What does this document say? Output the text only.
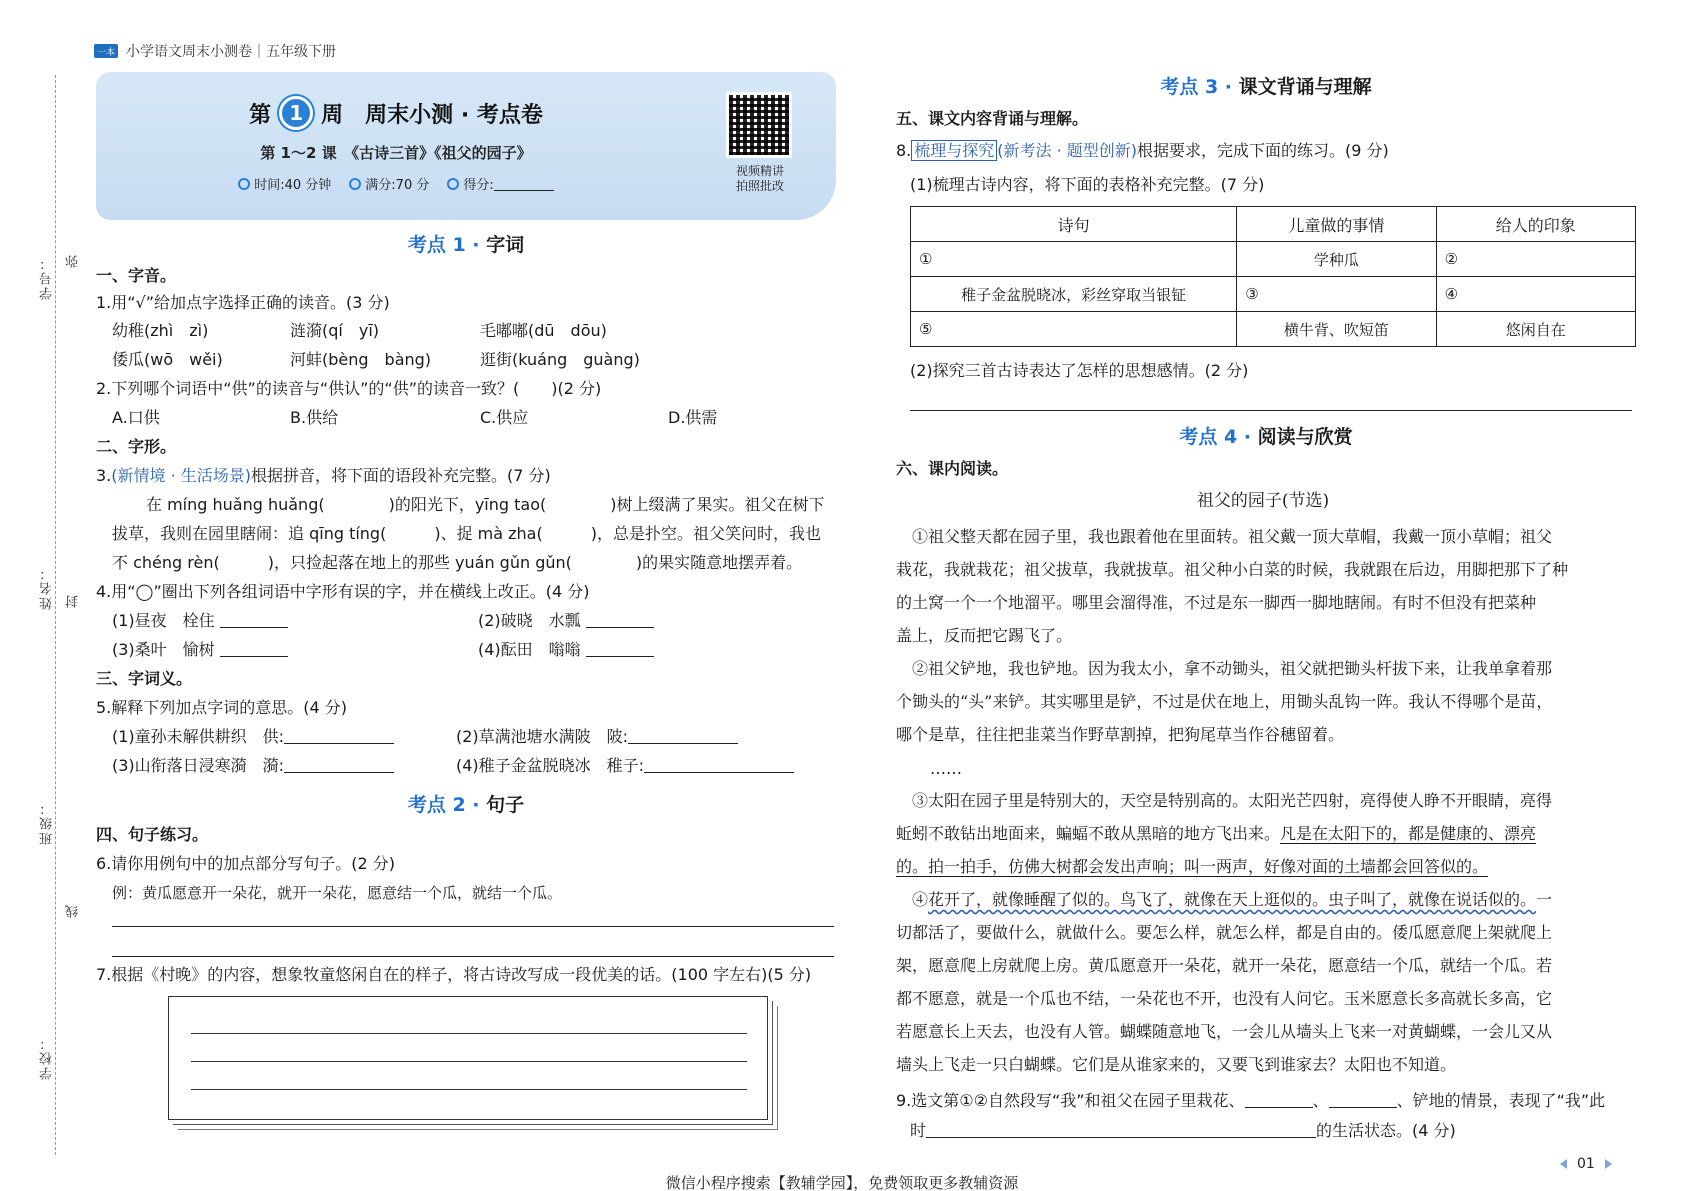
一本 小学语文周末小测卷｜五年级下册
学号： 弥
姓名： 封
班级：
线
学校：
第 1 周　周末小测 · 考点卷
第 1～2 课　《古诗三首》《祖父的园子》
时间:40 分钟	满分:70 分	得分:
视频精讲
拍照批改
考点 1 · 字词
一、字音。
1.用“√”给加点字选择正确的读音。(3 分)
幼稚(zhì　zì)	涟漪(qí　yī)	毛嘟嘟(dū　dōu)
倭瓜(wō　wěi)	河蚌(bèng　bàng)	逛街(kuáng　guàng)
2.下列哪个词语中“供”的读音与“供认”的“供”的读音一致？(　　)(2 分)
A.口供	B.供给	C.供应	D.供需
二、字形。
3.(新情境 · 生活场景)根据拼音，将下面的语段补充完整。(7 分)
在 míng huǎng huǎng(　　　　)的阳光下，yīng tao(　　　　)树上缀满了果实。祖父在树下
拔草，我则在园里瞎闹：追 qīng tíng(　　　)、捉 mà zha(　　　)，总是扑空。祖父笑问时，我也
不 chéng rèn(　　　)，只捡起落在地上的那些 yuán gǔn gǔn(　　　　)的果实随意地摆弄着。
4.用“◯”圈出下列各组词语中字形有误的字，并在横线上改正。(4 分)
(1)昼夜　栓住	(2)破晓　水瓢
(3)桑叶　愉树	(4)酝田　嗡嗡
三、字词义。
5.解释下列加点字词的意思。(4 分)
(1)童孙未解供耕织　供:	(2)草满池塘水满陂　陂:
(3)山衔落日浸寒漪　漪:	(4)稚子金盆脱晓冰　稚子:
考点 2 · 句子
四、句子练习。
6.请你用例句中的加点部分写句子。(2 分)
例：黄瓜愿意开一朵花，就开一朵花，愿意结一个瓜，就结一个瓜。
7.根据《村晚》的内容，想象牧童悠闲自在的样子，将古诗改写成一段优美的话。(100 字左右)(5 分)
考点 3 · 课文背诵与理解
五、课文内容背诵与理解。
8. 梳理与探究 (新考法 · 题型创新)根据要求，完成下面的练习。(9 分)
(1)梳理古诗内容，将下面的表格补充完整。(7 分)
诗句	儿童做的事情	给人的印象
①	学种瓜	②
稚子金盆脱晓冰，彩丝穿取当银钲	③	④
⑤	横牛背、吹短笛	悠闲自在
(2)探究三首古诗表达了怎样的思想感情。(2 分)
考点 4 · 阅读与欣赏
六、课内阅读。
祖父的园子(节选)
①祖父整天都在园子里，我也跟着他在里面转。祖父戴一顶大草帽，我戴一顶小草帽；祖父
栽花，我就栽花；祖父拔草，我就拔草。祖父种小白菜的时候，我就跟在后边，用脚把那下了种
的土窝一个一个地溜平。哪里会溜得准，不过是东一脚西一脚地瞎闹。有时不但没有把菜种
盖上，反而把它踢飞了。
②祖父铲地，我也铲地。因为我太小，拿不动锄头，祖父就把锄头杆拔下来，让我单拿着那
个锄头的“头”来铲。其实哪里是铲，不过是伏在地上，用锄头乱钩一阵。我认不得哪个是苗，
哪个是草，往往把韭菜当作野草割掉，把狗尾草当作谷穗留着。
……
③太阳在园子里是特别大的，天空是特别高的。太阳光芒四射，亮得使人睁不开眼睛，亮得
蚯蚓不敢钻出地面来，蝙蝠不敢从黑暗的地方飞出来。凡是在太阳下的，都是健康的、漂亮
的。拍一拍手，仿佛大树都会发出声响；叫一两声，好像对面的土墙都会回答似的。
④花开了，就像睡醒了似的。鸟飞了，就像在天上逛似的。虫子叫了，就像在说话似的。一
切都活了，要做什么，就做什么。要怎么样，就怎么样，都是自由的。倭瓜愿意爬上架就爬上
架，愿意爬上房就爬上房。黄瓜愿意开一朵花，就开一朵花，愿意结一个瓜，就结一个瓜。若
都不愿意，就是一个瓜也不结，一朵花也不开，也没有人问它。玉米愿意长多高就长多高，它
若愿意长上天去，也没有人管。蝴蝶随意地飞，一会儿从墙头上飞来一对黄蝴蝶，一会儿又从
墙头上飞走一只白蝴蝶。它们是从谁家来的，又要飞到谁家去？太阳也不知道。
9.选文第①②自然段写“我”和祖父在园子里栽花、	、	、铲地的情景，表现了“我”此
时	的生活状态。(4 分)
01
微信小程序搜索【教辅学园】，免费领取更多教辅资源
